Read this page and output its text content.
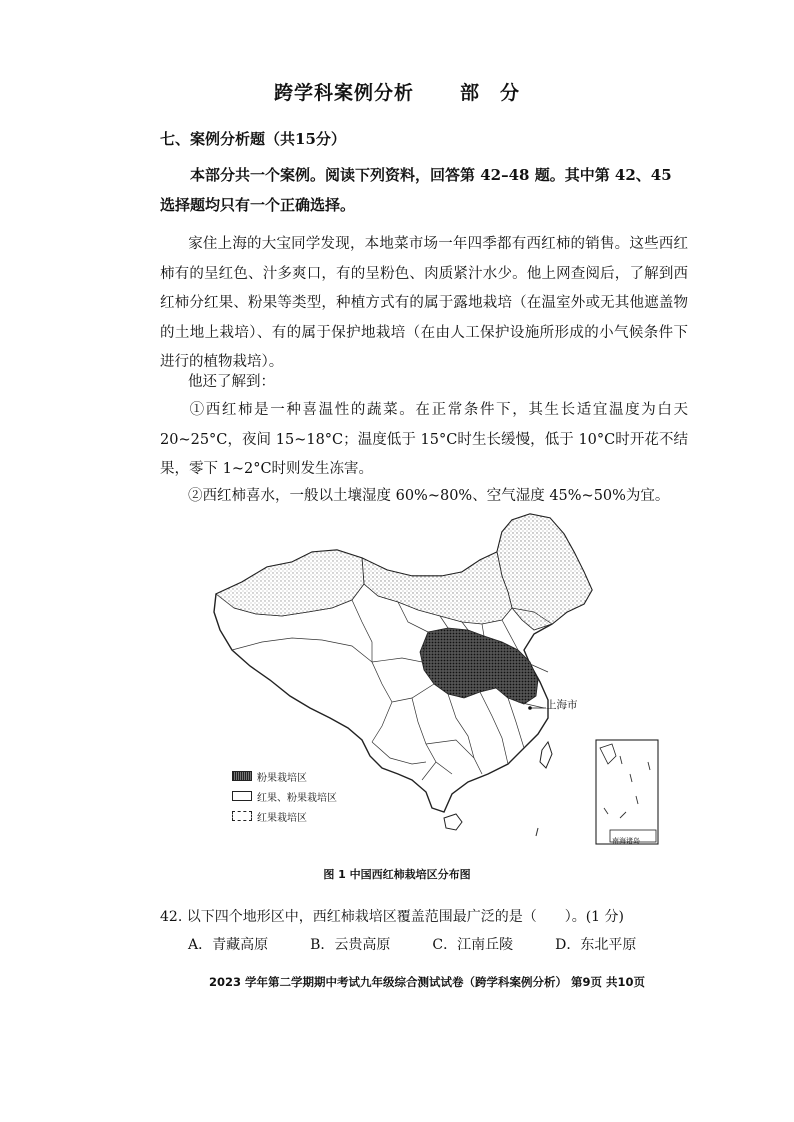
跨学科案例分析 部　分
七、案例分析题（共15分）
本部分共一个案例。阅读下列资料，回答第 42–48 题。其中第 42、45 选择题均只有一个正确选择。
家住上海的大宝同学发现，本地菜市场一年四季都有西红柿的销售。这些西红柿有的呈红色、汁多爽口，有的呈粉色、肉质紧汁水少。他上网查阅后，了解到西红柿分红果、粉果等类型，种植方式有的属于露地栽培（在温室外或无其他遮盖物的土地上栽培）、有的属于保护地栽培（在由人工保护设施所形成的小气候条件下进行的植物栽培）。
他还了解到：
①西红柿是一种喜温性的蔬菜。在正常条件下，其生长适宜温度为白天20~25°C，夜间 15~18°C；温度低于 15°C时生长缓慢，低于 10°C时开花不结果，零下 1~2°C时则发生冻害。
②西红柿喜水，一般以土壤湿度 60%~80%、空气湿度 45%~50%为宜。
上海市
南海诸岛
粉果栽培区
红果、粉果栽培区
红果栽培区
图 1 中国西红柿栽培区分布图
42. 以下四个地形区中，西红柿栽培区覆盖范围最广泛的是（　　）。(1 分)
A．青藏高原	B．云贵高原	C．江南丘陵	D．东北平原
2023 学年第二学期期中考试九年级综合测试试卷（跨学科案例分析） 第9页 共10页
